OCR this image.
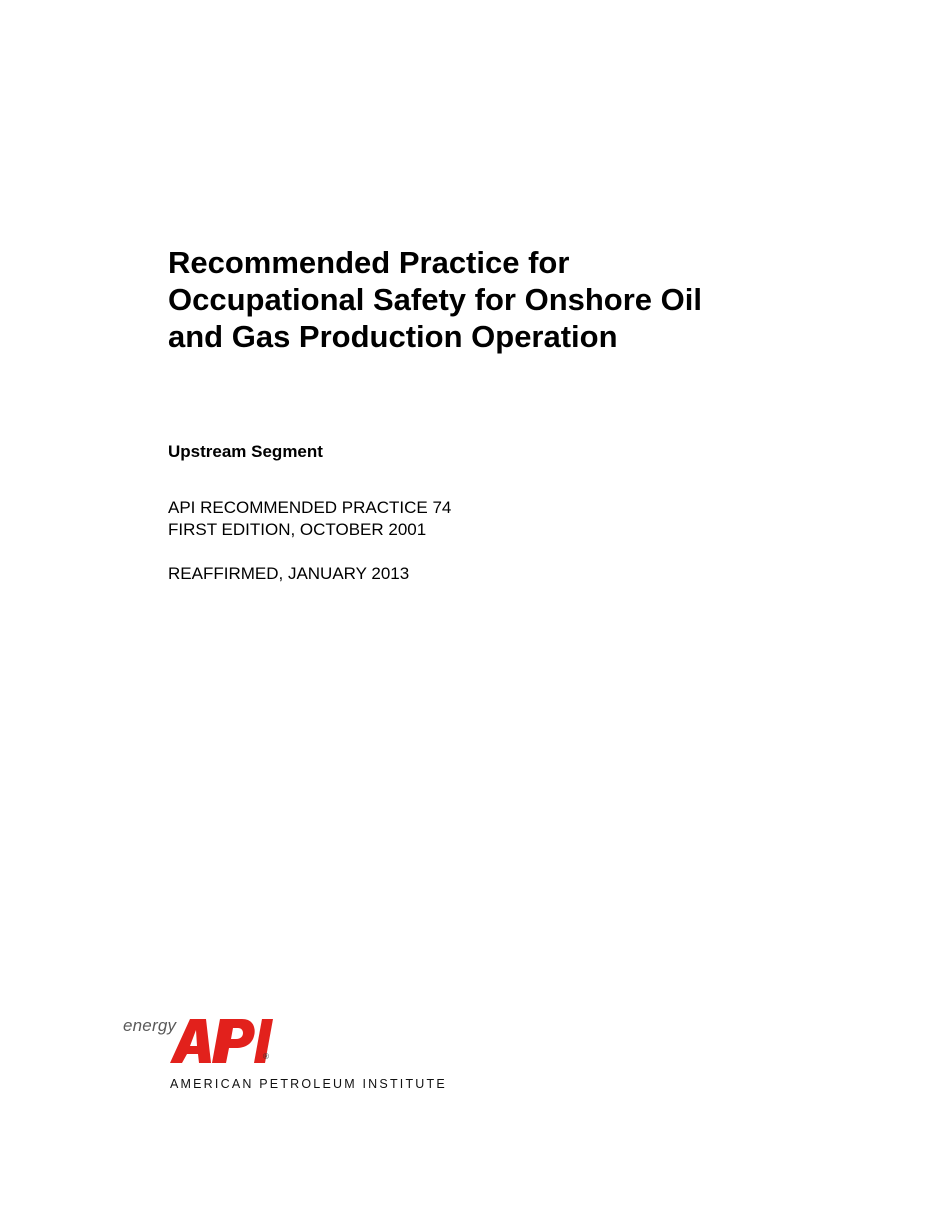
Recommended Practice for
Occupational Safety for Onshore Oil
and Gas Production Operation
Upstream Segment
API RECOMMENDED PRACTICE 74
FIRST EDITION, OCTOBER 2001
REAFFIRMED, JANUARY 2013
energy
®
AMERICAN PETROLEUM INSTITUTE
